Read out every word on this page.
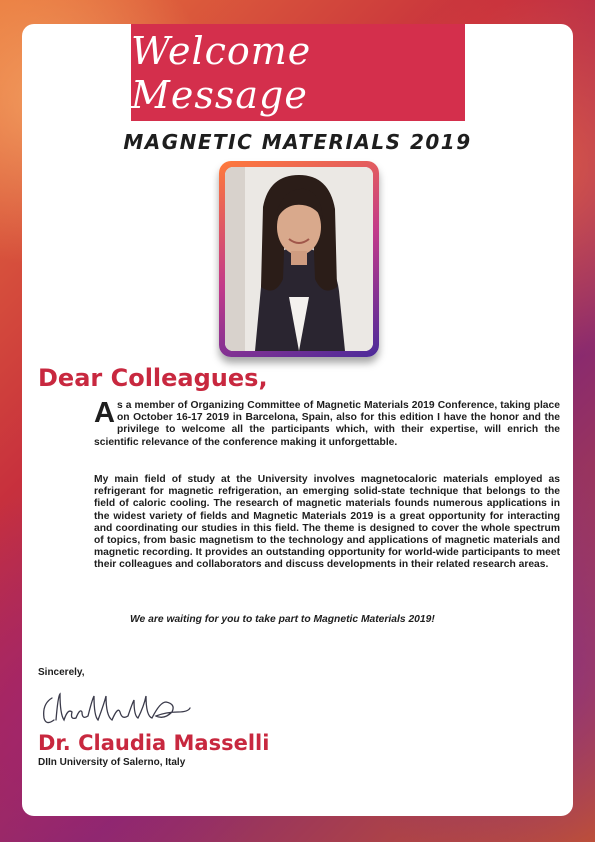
Welcome Message
MAGNETIC MATERIALS 2019
Dear Colleagues,
A s a member of Organizing Committee of Magnetic Materials 2019 Conference, taking place on October 16-17 2019 in Barcelona, Spain, also for this edition I have the honor and the privilege to welcome all the participants which, with their expertise, will enrich the scientific relevance of the conference making it unforgettable.
My main field of study at the University involves magnetocaloric materials employed as refrigerant for magnetic refrigeration, an emerging solid-state technique that belongs to the field of caloric cooling. The research of magnetic materials founds numerous applications in the widest variety of fields and Magnetic Materials 2019 is a great opportunity for interacting and coordinating our studies in this field. The theme is designed to cover the whole spectrum of topics, from basic magnetism to the technology and applications of magnetic materials and magnetic recording. It provides an outstanding opportunity for world-wide participants to meet their colleagues and collaborators and discuss developments in their related research areas.
We are waiting for you to take part to Magnetic Materials 2019!
Sincerely,
Dr. Claudia Masselli
DIIn University of Salerno, Italy
